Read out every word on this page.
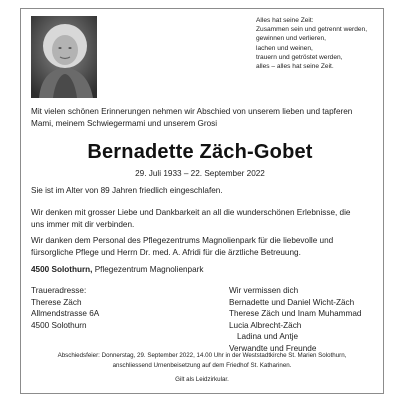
Alles hat seine Zeit:
Zusammen sein und getrennt werden,
gewinnen und verlieren,
lachen und weinen,
trauern und getröstet werden,
alles – alles hat seine Zeit.
Mit vielen schönen Erinnerungen nehmen wir Abschied von unserem lieben und tapferen
Mami, meinem Schwiegermami und unserem Grosi
Bernadette Zäch-Gobet
29. Juli 1933 – 22. September 2022
Sie ist im Alter von 89 Jahren friedlich eingeschlafen.
Wir denken mit grosser Liebe und Dankbarkeit an all die wunderschönen Erlebnisse, die
uns immer mit dir verbinden.
Wir danken dem Personal des Pflegezentrums Magnolienpark für die liebevolle und
fürsorgliche Pflege und Herrn Dr. med. A. Afridi für die ärztliche Betreuung.
4500 Solothurn, Pflegezentrum Magnolienpark
Traueradresse:
Therese Zäch
Allmendstrasse 6A
4500 Solothurn
Wir vermissen dich
Bernadette und Daniel Wicht-Zäch
Therese Zäch und Inam Muhammad
Lucia Albrecht-Zäch
Ladina und Antje
Verwandte und Freunde
Abschiedsfeier: Donnerstag, 29. September 2022, 14.00 Uhr in der Weststadtkirche St. Marien Solothurn,
anschliessend Urnenbeisetzung auf dem Friedhof St. Katharinen.
Gilt als Leidzirkular.
